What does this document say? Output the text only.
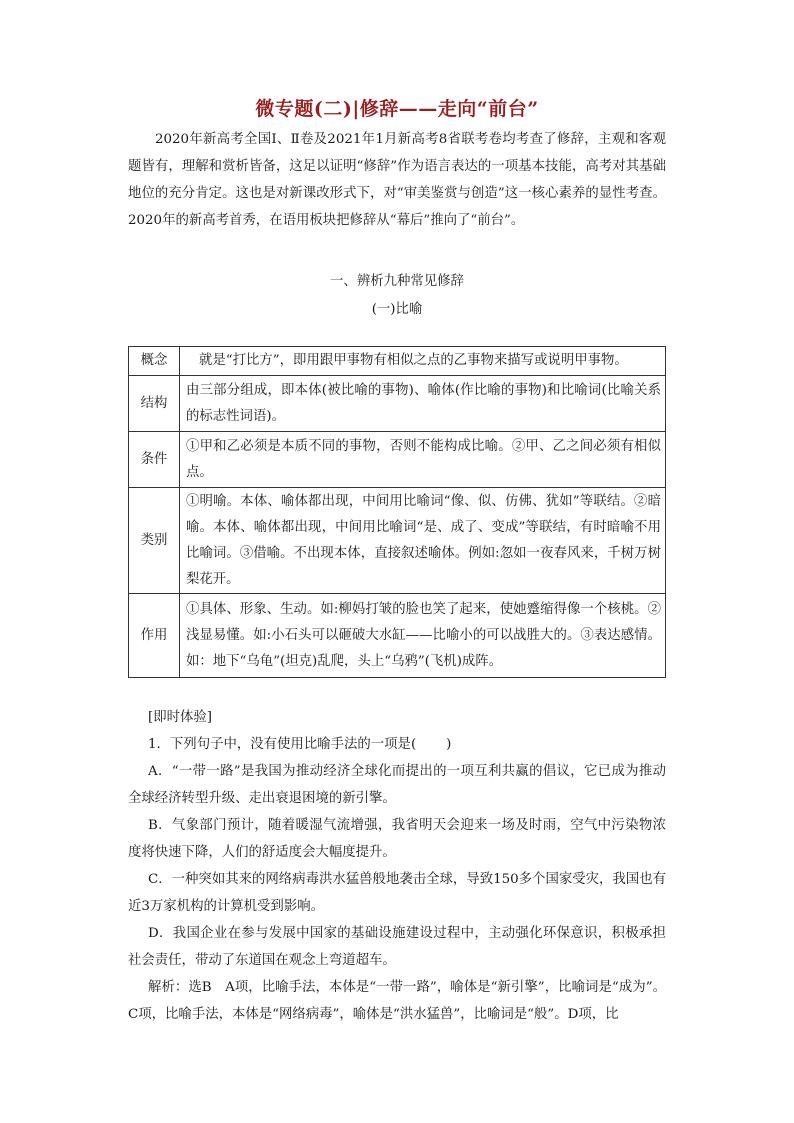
微专题(二)|修辞——走向“前台”

2020年新高考全国Ⅰ、Ⅱ卷及2021年1月新高考8省联考卷均考查了修辞，主观和客观题皆有，理解和赏析皆备，这足以证明“修辞”作为语言表达的一项基本技能，高考对其基础地位的充分肯定。这也是对新课改形式下，对“审美鉴赏与创造”这一核心素养的显性考查。2020年的新高考首秀，在语用板块把修辞从“幕后”推向了“前台”。

一、辨析九种常见修辞
(一)比喻
概念	就是“打比方”，即用跟甲事物有相似之点的乙事物来描写或说明甲事物。
结构	由三部分组成，即本体(被比喻的事物)、喻体(作比喻的事物)和比喻词(比喻关系的标志性词语)。
条件	①甲和乙必须是本质不同的事物，否则不能构成比喻。②甲、乙之间必须有相似点。
类别	①明喻。本体、喻体都出现，中间用比喻词“像、似、仿佛、犹如”等联结。②暗喻。本体、喻体都出现，中间用比喻词“是、成了、变成”等联结，有时暗喻不用比喻词。③借喻。不出现本体，直接叙述喻体。例如:忽如一夜春风来，千树万树梨花开。
作用	①具体、形象、生动。如:柳妈打皱的脸也笑了起来，使她蹙缩得像一个核桃。②浅显易懂。如:小石头可以砸破大水缸——比喻小的可以战胜大的。③表达感情。如：地下“乌龟”(坦克)乱爬，头上“乌鸦”(飞机)成阵。

[即时体验]

1．下列句子中，没有使用比喻手法的一项是( )

A．“一带一路”是我国为推动经济全球化而提出的一项互利共赢的倡议，它已成为推动全球经济转型升级、走出衰退困境的新引擎。

B．气象部门预计，随着暖湿气流增强，我省明天会迎来一场及时雨，空气中污染物浓度将快速下降，人们的舒适度会大幅度提升。

C．一种突如其来的网络病毒洪水猛兽般地袭击全球，导致150多个国家受灾，我国也有近3万家机构的计算机受到影响。

D．我国企业在参与发展中国家的基础设施建设过程中，主动强化环保意识，积极承担社会责任，带动了东道国在观念上弯道超车。

解析：选B　A项，比喻手法，本体是“一带一路”，喻体是“新引擎”，比喻词是“成为”。C项，比喻手法，本体是“网络病毒”，喻体是“洪水猛兽”，比喻词是“般”。D项，比
